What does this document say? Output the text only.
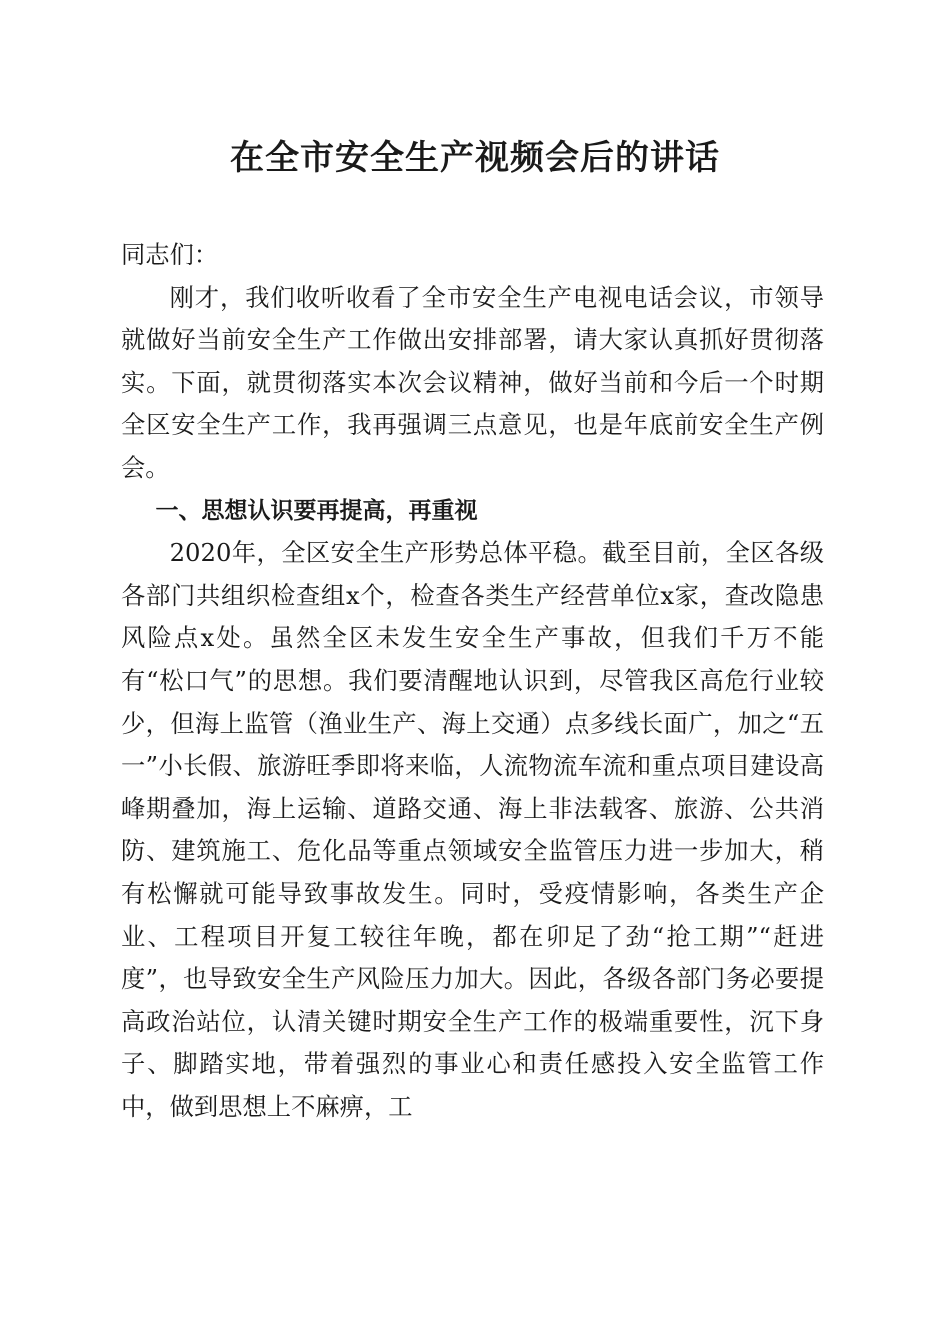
在全市安全生产视频会后的讲话

同志们：

刚才，我们收听收看了全市安全生产电视电话会议，市领导就做好当前安全生产工作做出安排部署，请大家认真抓好贯彻落实。下面，就贯彻落实本次会议精神，做好当前和今后一个时期全区安全生产工作，我再强调三点意见，也是年底前安全生产例会。

一、思想认识要再提高，再重视

2020年，全区安全生产形势总体平稳。截至目前，全区各级各部门共组织检查组x个，检查各类生产经营单位x家，查改隐患风险点x处。虽然全区未发生安全生产事故，但我们千万不能有“松口气”的思想。我们要清醒地认识到，尽管我区高危行业较少，但海上监管（渔业生产、海上交通）点多线长面广，加之“五一”小长假、旅游旺季即将来临，人流物流车流和重点项目建设高峰期叠加，海上运输、道路交通、海上非法载客、旅游、公共消防、建筑施工、危化品等重点领域安全监管压力进一步加大，稍有松懈就可能导致事故发生。同时，受疫情影响，各类生产企业、工程项目开复工较往年晚，都在卯足了劲“抢工期”“赶进度”，也导致安全生产风险压力加大。因此，各级各部门务必要提高政治站位，认清关键时期安全生产工作的极端重要性，沉下身子、脚踏实地，带着强烈的事业心和责任感投入安全监管工作中，做到思想上不麻痹，工
